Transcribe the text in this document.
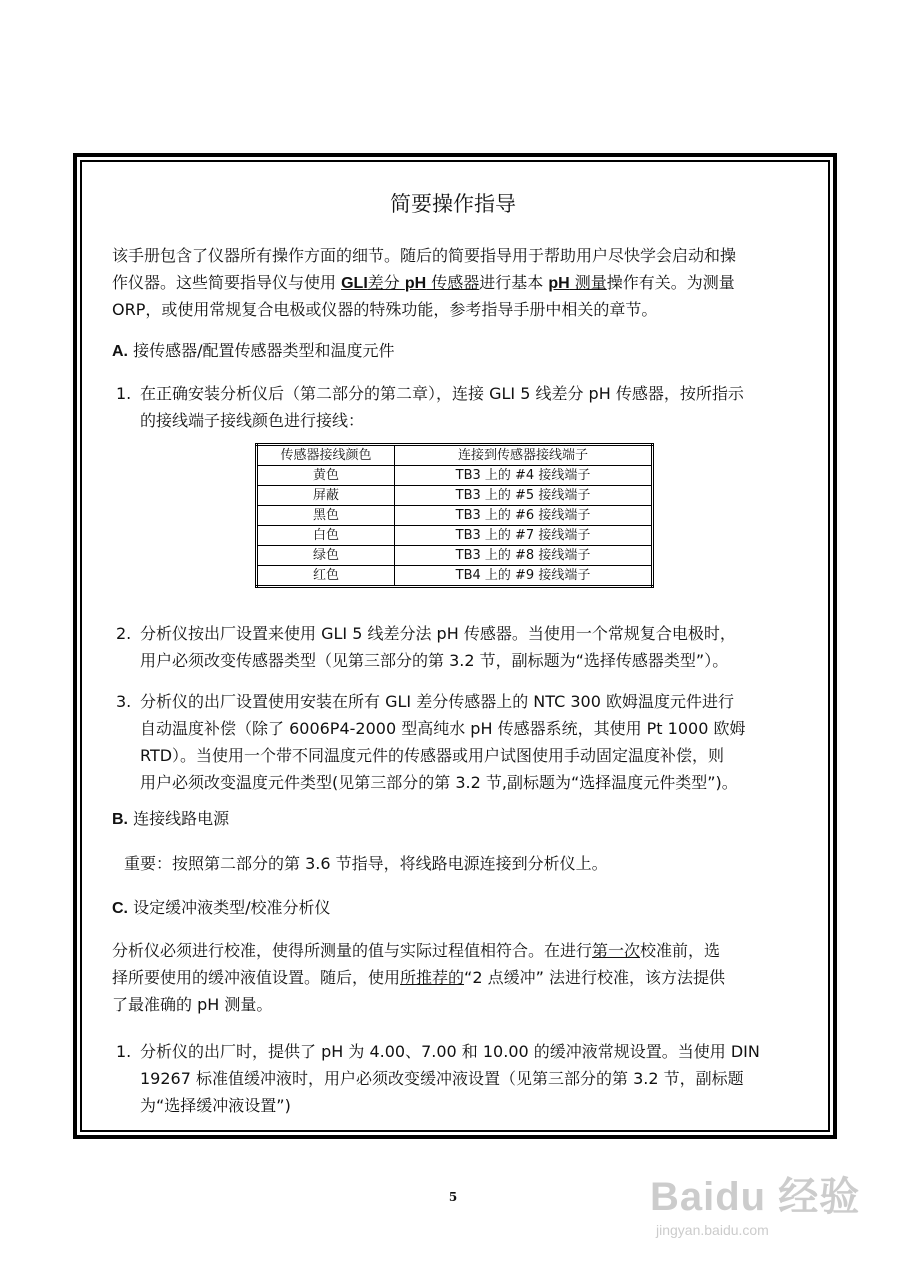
简要操作指导
该手册包含了仪器所有操作方面的细节。随后的简要指导用于帮助用户尽快学会启动和操
作仪器。这些简要指导仪与使用 GLI差分 pH 传感器进行基本 pH 测量操作有关。为测量
ORP，或使用常规复合电极或仪器的特殊功能，参考指导手册中相关的章节。
A. 接传感器/配置传感器类型和温度元件
1. 在正确安装分析仪后（第二部分的第二章），连接 GLI 5 线差分 pH 传感器，按所指示
的接线端子接线颜色进行接线：
传感器接线颜色	连接到传感器接线端子
黄色	TB3 上的 #4 接线端子
屏蔽	TB3 上的 #5 接线端子
黑色	TB3 上的 #6 接线端子
白色	TB3 上的 #7 接线端子
绿色	TB3 上的 #8 接线端子
红色	TB4 上的 #9 接线端子
2. 分析仪按出厂设置来使用 GLI 5 线差分法 pH 传感器。当使用一个常规复合电极时，
用户必须改变传感器类型（见第三部分的第 3.2 节，副标题为“选择传感器类型”）。
3. 分析仪的出厂设置使用安装在所有 GLI 差分传感器上的 NTC 300 欧姆温度元件进行
自动温度补偿（除了 6006P4-2000 型高纯水 pH 传感器系统，其使用 Pt 1000 欧姆
RTD）。当使用一个带不同温度元件的传感器或用户试图使用手动固定温度补偿，则
用户必须改变温度元件类型(见第三部分的第 3.2 节,副标题为“选择温度元件类型”)。
B. 连接线路电源
重要：按照第二部分的第 3.6 节指导，将线路电源连接到分析仪上。
C. 设定缓冲液类型/校准分析仪
分析仪必须进行校准，使得所测量的值与实际过程值相符合。在进行第一次校准前，选
择所要使用的缓冲液值设置。随后，使用所推荐的“2 点缓冲” 法进行校准，该方法提供
了最准确的 pH 测量。
1. 分析仪的出厂时，提供了 pH 为 4.00、7.00 和 10.00 的缓冲液常规设置。当使用 DIN
19267 标准值缓冲液时，用户必须改变缓冲液设置（见第三部分的第 3.2 节，副标题
为“选择缓冲液设置”)
5	Baidu 经验
jingyan.baidu.com
